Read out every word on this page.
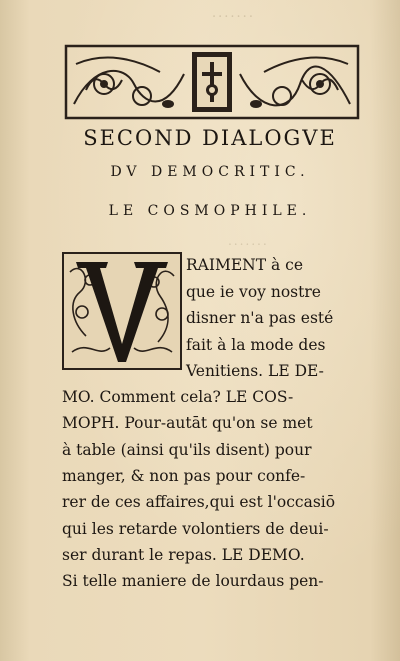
.......
.......
SECOND DIALOGVE
DV DEMOCRITIC.
LE COSMOPHILE.
RAIMENT à ce
que ie voy nostre
disner n'a pas esté
fait à la mode des
Venitiens. LE DE-
MO. Comment cela? LE COS-
MOPH. Pour-autāt qu'on se met
à table (ainsi qu'ils disent) pour
manger, & non pas pour confe-
rer de ces affaires,qui est l'occasiō
qui les retarde volontiers de deui-
ser durant le repas. LE DEMO.
Si telle maniere de lourdaus pen-
